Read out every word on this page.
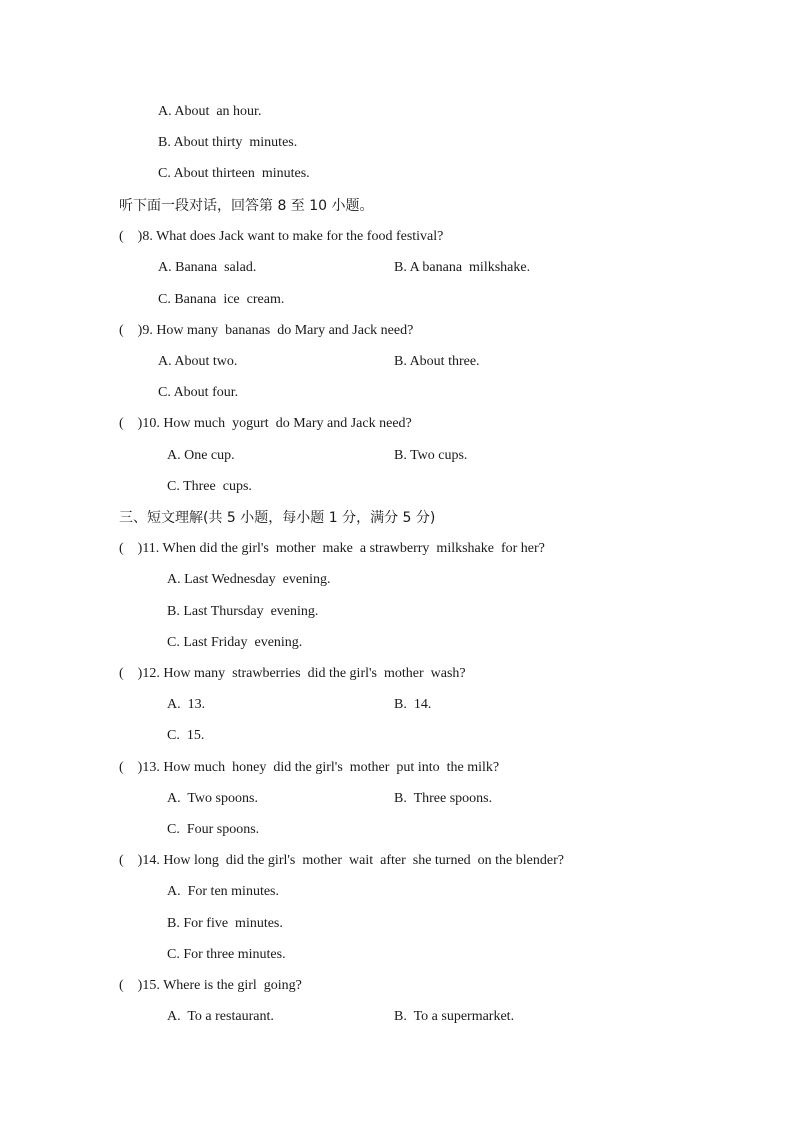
A. About  an hour.
B. About thirty  minutes.
C. About thirteen  minutes.
听下面一段对话，回答第 8 至 10 小题。
(    )8. What does Jack want to make for the food festival?
A. Banana  salad.	B. A banana  milkshake.
C. Banana  ice  cream.
(    )9. How many  bananas  do Mary and Jack need?
A. About two.	B. About three.
C. About four.
(    )10. How much  yogurt  do Mary and Jack need?
A. One cup.	B. Two cups.
C. Three  cups.
三、短文理解(共 5 小题，每小题 1 分，满分 5 分)
(    )11. When did the girl's  mother  make  a strawberry  milkshake  for her?
A. Last Wednesday  evening.
B. Last Thursday  evening.
C. Last Friday  evening.
(    )12. How many  strawberries  did the girl's  mother  wash?
A.  13.	B.  14.
C.  15.
(    )13. How much  honey  did the girl's  mother  put into  the milk?
A.  Two spoons.	B.  Three spoons.
C.  Four spoons.
(    )14. How long  did the girl's  mother  wait  after  she turned  on the blender?
A.  For ten minutes.
B. For five  minutes.
C. For three minutes.
(    )15. Where is the girl  going?
A.  To a restaurant.	B.  To a supermarket.
